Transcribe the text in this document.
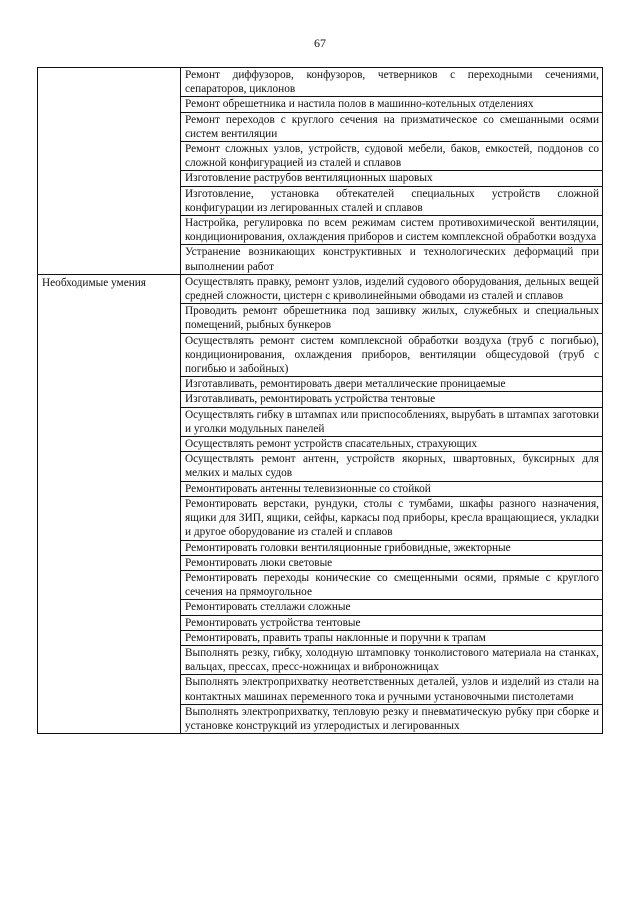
67

	Ремонт диффузоров, конфузоров, четверников с переходными сечениями, сепараторов, циклонов

	Ремонт обрешетника и настила полов в машинно-котельных отделениях

	Ремонт переходов с круглого сечения на призматическое со смешанными осями систем вентиляции

	Ремонт сложных узлов, устройств, судовой мебели, баков, емкостей, поддонов со сложной конфигурацией из сталей и сплавов

	Изготовление раструбов вентиляционных шаровых

	Изготовление, установка обтекателей специальных устройств сложной конфигурации из легированных сталей и сплавов

	Настройка, регулировка по всем режимам систем противохимической вентиляции, кондиционирования, охлаждения приборов и систем комплексной обработки воздуха

	Устранение возникающих конструктивных и технологических деформаций при выполнении работ

Необходимые умения	Осуществлять правку, ремонт узлов, изделий судового оборудования, дельных вещей средней сложности, цистерн с криволинейными обводами из сталей и сплавов

	Проводить ремонт обрешетника под зашивку жилых, служебных и специальных помещений, рыбных бункеров

	Осуществлять ремонт систем комплексной обработки воздуха (труб с погибью), кондиционирования, охлаждения приборов, вентиляции общесудовой (труб с погибью и забойных)

	Изготавливать, ремонтировать двери металлические проницаемые

	Изготавливать, ремонтировать устройства тентовые

	Осуществлять гибку в штампах или приспособлениях, вырубать в штампах заготовки и уголки модульных панелей

	Осуществлять ремонт устройств спасательных, страхующих

	Осуществлять ремонт антенн, устройств якорных, швартовных, буксирных для мелких и малых судов

	Ремонтировать антенны телевизионные со стойкой

	Ремонтировать верстаки, рундуки, столы с тумбами, шкафы разного назначения, ящики для ЗИП, ящики, сейфы, каркасы под приборы, кресла вращающиеся, укладки и другое оборудование из сталей и сплавов

	Ремонтировать головки вентиляционные грибовидные, эжекторные

	Ремонтировать люки световые

	Ремонтировать переходы конические со смещенными осями, прямые с круглого сечения на прямоугольное

	Ремонтировать стеллажи сложные

	Ремонтировать устройства тентовые

	Ремонтировать, править трапы наклонные и поручни к трапам

	Выполнять резку, гибку, холодную штамповку тонколистового материала на станках, вальцах, прессах, пресс-ножницах и виброножницах

	Выполнять электроприхватку неответственных деталей, узлов и изделий из стали на контактных машинах переменного тока и ручными установочными пистолетами

	Выполнять электроприхватку, тепловую резку и пневматическую рубку при сборке и установке конструкций из углеродистых и легированных
